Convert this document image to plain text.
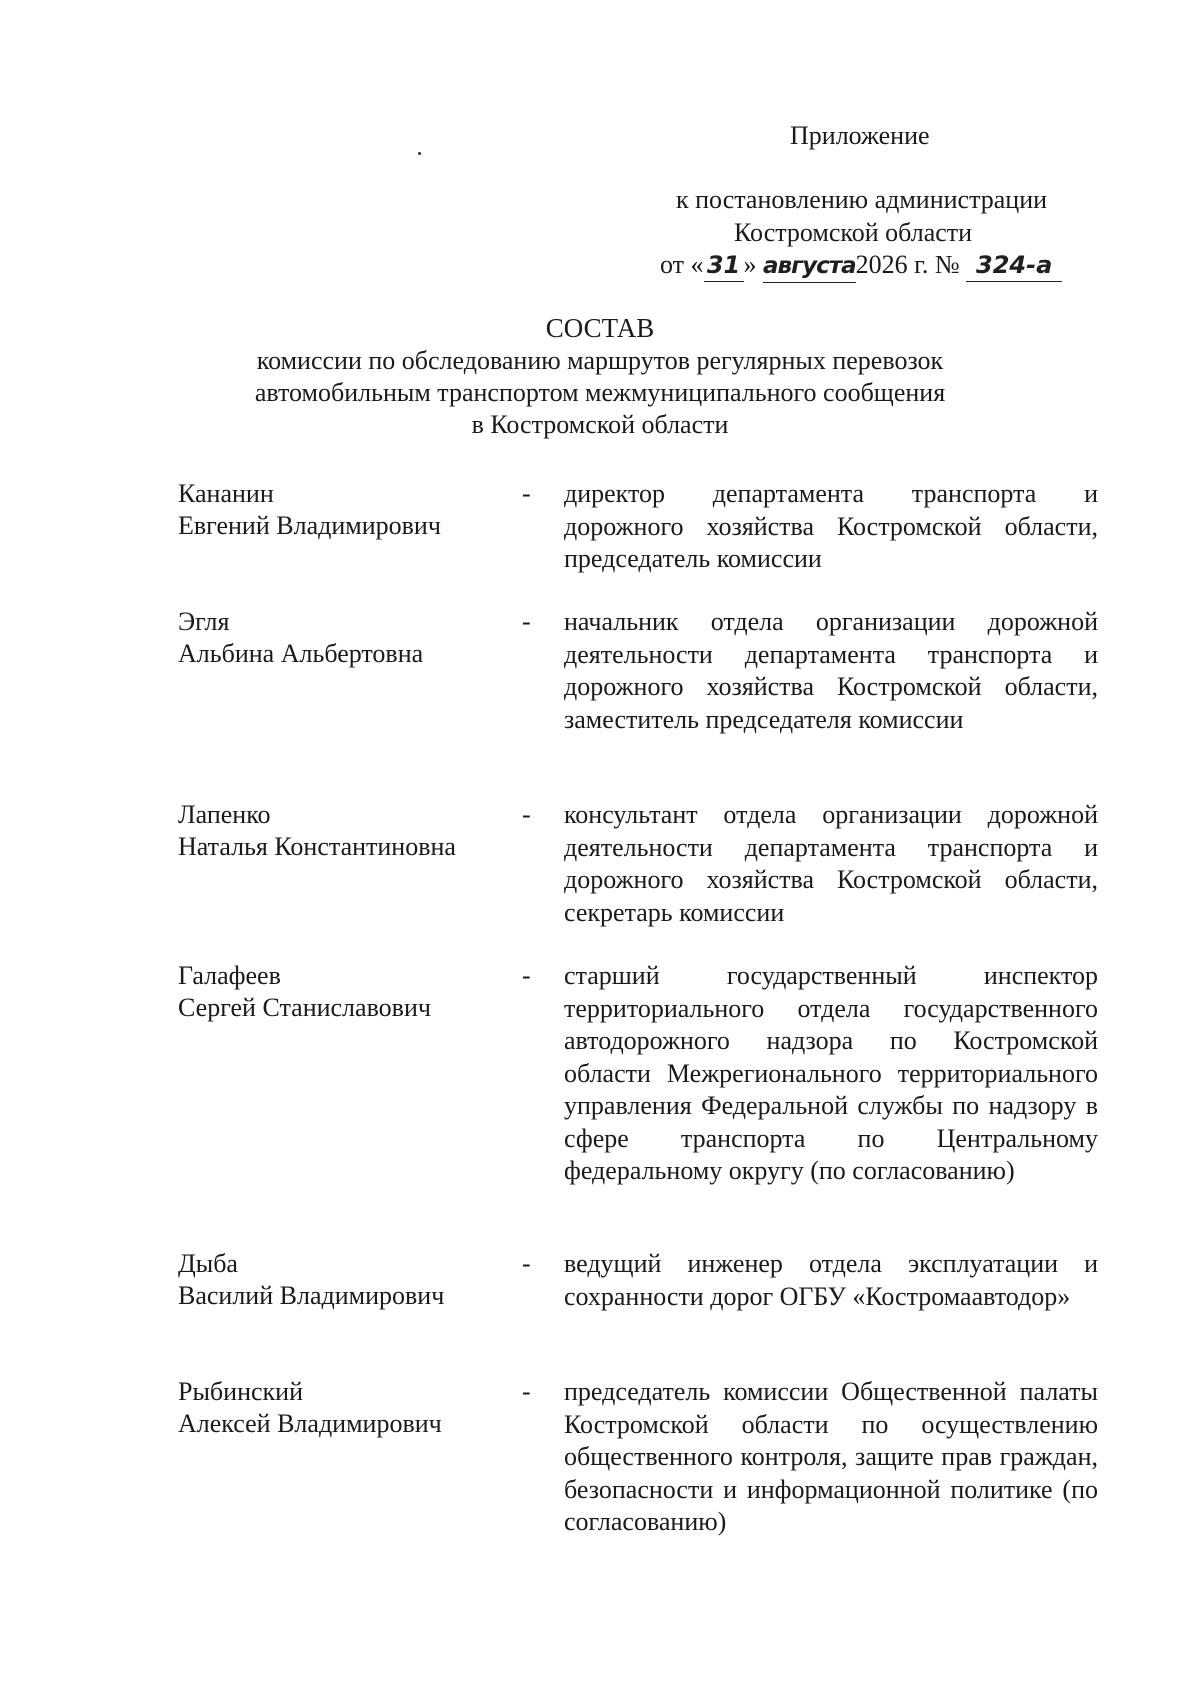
Приложение
к постановлению администрации
Костромской области
от « 31 » августа2026 г. № 324-а
СОСТАВ
комиссии по обследованию маршрутов регулярных перевозок
автомобильным транспортом межмуниципального сообщения
в Костромской области
Кананин
Евгений Владимирович
- директор департамента транспорта и дорожного хозяйства Костромской области, председатель комиссии
Эгля
Альбина Альбертовна
- начальник отдела организации дорожной деятельности департамента транспорта и дорожного хозяйства Костромской области, заместитель председателя комиссии
Лапенко
Наталья Константиновна
- консультант отдела организации дорожной деятельности департамента транспорта и дорожного хозяйства Костромской области, секретарь комиссии
Галафеев
Сергей Станиславович
- старший государственный инспектор территориального отдела государственного автодорожного надзора по Костромской области Межрегионального территориального управления Федеральной службы по надзору в сфере транспорта по Центральному федеральному округу (по согласованию)
Дыба
Василий Владимирович
- ведущий инженер отдела эксплуатации и сохранности дорог ОГБУ «Костромаавтодор»
Рыбинский
Алексей Владимирович
- председатель комиссии Общественной палаты Костромской области по осуществлению общественного контроля, защите прав граждан, безопасности и информационной политике (по согласованию)
